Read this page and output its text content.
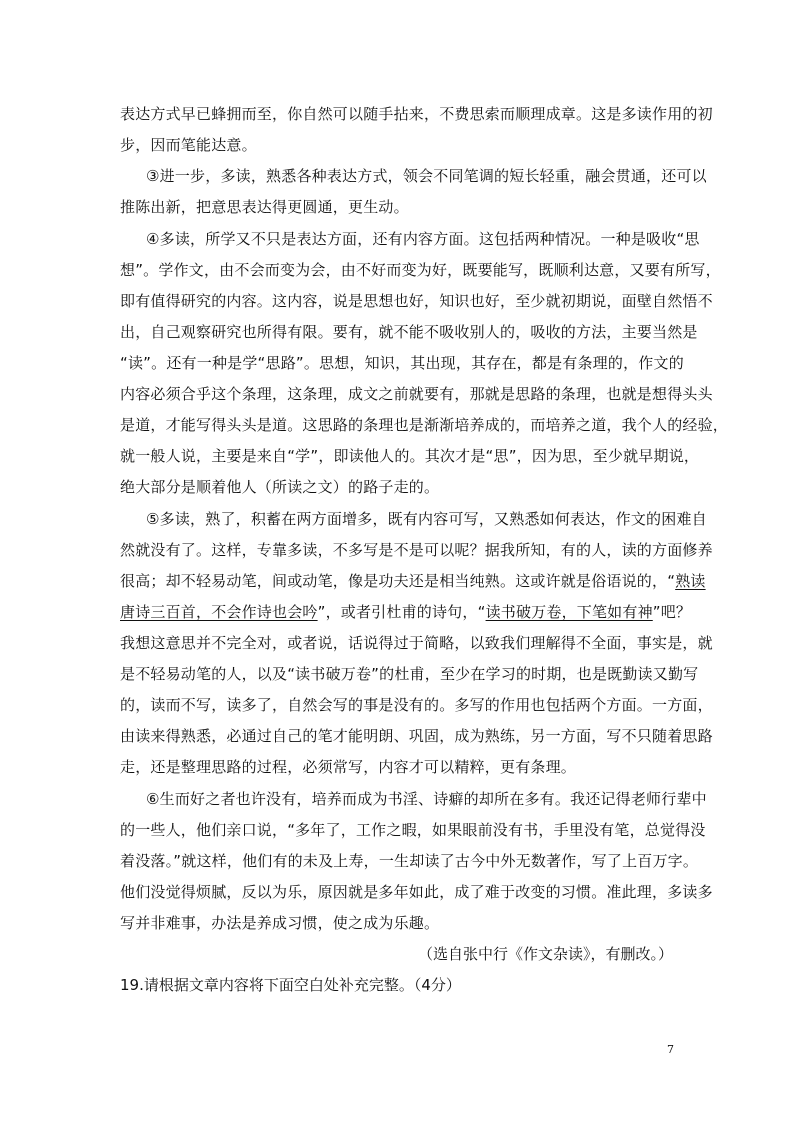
表达方式早已蜂拥而至，你自然可以随手拈来，不费思索而顺理成章。这是多读作用的初
步，因而笔能达意。
③进一步，多读，熟悉各种表达方式，领会不同笔调的短长轻重，融会贯通，还可以
推陈出新，把意思表达得更圆通，更生动。
④多读，所学又不只是表达方面，还有内容方面。这包括两种情况。一种是吸收“思
想”。学作文，由不会而变为会，由不好而变为好，既要能写，既顺利达意，又要有所写，
即有值得研究的内容。这内容，说是思想也好，知识也好，至少就初期说，面壁自然悟不
出，自己观察研究也所得有限。要有，就不能不吸收别人的，吸收的方法，主要当然是
“读”。还有一种是学“思路”。思想，知识，其出现，其存在，都是有条理的，作文的
内容必须合乎这个条理，这条理，成文之前就要有，那就是思路的条理，也就是想得头头
是道，才能写得头头是道。这思路的条理也是渐渐培养成的，而培养之道，我个人的经验，
就一般人说，主要是来自“学”，即读他人的。其次才是“思”，因为思，至少就早期说，
绝大部分是顺着他人（所读之文）的路子走的。
⑤多读，熟了，积蓄在两方面增多，既有内容可写，又熟悉如何表达，作文的困难自
然就没有了。这样，专靠多读，不多写是不是可以呢？据我所知，有的人，读的方面修养
很高；却不轻易动笔，间或动笔，像是功夫还是相当纯熟。这或许就是俗语说的，“熟读
唐诗三百首，不会作诗也会吟”，或者引杜甫的诗句，“读书破万卷，下笔如有神”吧？
我想这意思并不完全对，或者说，话说得过于简略，以致我们理解得不全面，事实是，就
是不轻易动笔的人，以及“读书破万卷”的杜甫，至少在学习的时期，也是既勤读又勤写
的，读而不写，读多了，自然会写的事是没有的。多写的作用也包括两个方面。一方面，
由读来得熟悉，必通过自己的笔才能明朗、巩固，成为熟练，另一方面，写不只随着思路
走，还是整理思路的过程，必须常写，内容才可以精粹，更有条理。
⑥生而好之者也许没有，培养而成为书淫、诗癖的却所在多有。我还记得老师行辈中
的一些人，他们亲口说，“多年了，工作之暇，如果眼前没有书，手里没有笔，总觉得没
着没落。”就这样，他们有的未及上寿，一生却读了古今中外无数著作，写了上百万字。
他们没觉得烦腻，反以为乐，原因就是多年如此，成了难于改变的习惯。准此理，多读多
写并非难事，办法是养成习惯，使之成为乐趣。
（选自张中行《作文杂读》，有删改。）
19.请根据文章内容将下面空白处补充完整。（4分）
7
